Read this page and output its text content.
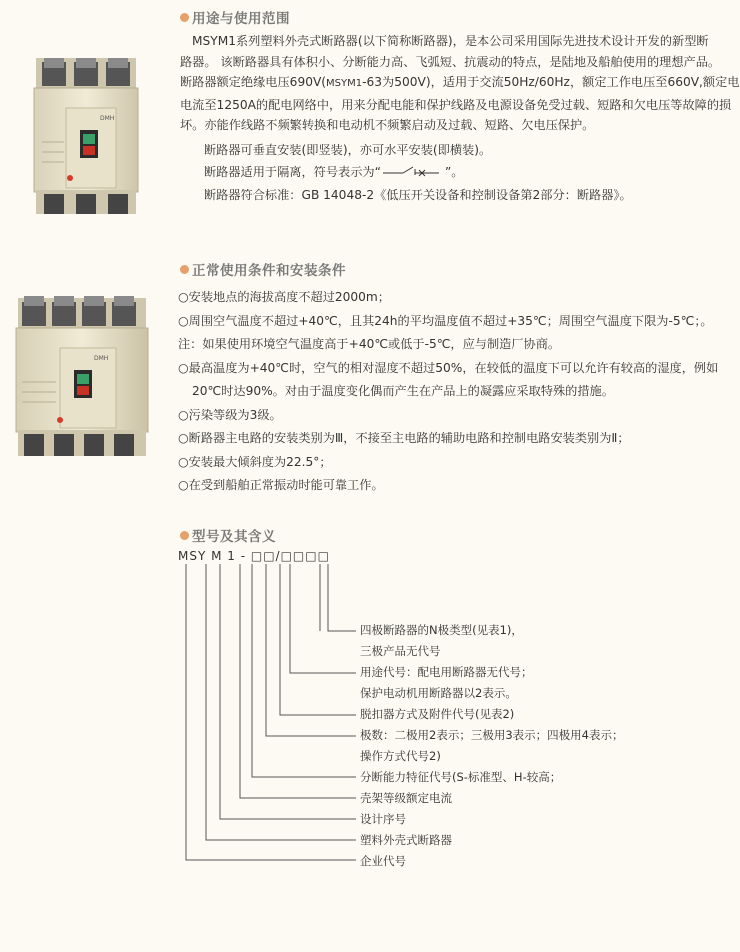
用途与使用范围
DMH

MSYM1系列塑料外壳式断路器(以下简称断路器)，是本公司采用国际先进技术设计开发的新型断

路器。 该断路器具有体积小、分断能力高、飞弧短、抗震动的特点，是陆地及船舶使用的理想产品。

断路器额定绝缘电压690V(MSYM1-63为500V)，适用于交流50Hz/60Hz，额定工作电压至660V,额定电

电流至1250A的配电网络中，用来分配电能和保护线路及电源设备免受过载、短路和欠电压等故障的损

坏。亦能作线路不频繁转换和电动机不频繁启动及过载、短路、欠电压保护。

断路器可垂直安装(即竖装)，亦可水平安装(即横装)。

断路器适用于隔离，符号表示为“	”。

断路器符合标准：GB 14048-2《低压开关设备和控制设备第2部分：断路器》。

正常使用条件和安装条件
DMH
○安装地点的海拔高度不超过2000m；
○周围空气温度不超过+40℃，且其24h的平均温度值不超过+35℃；周围空气温度下限为-5℃；。
注：如果使用环境空气温度高于+40℃或低于-5℃，应与制造厂协商。
○最高温度为+40℃时，空气的相对湿度不超过50%，在较低的温度下可以允许有较高的湿度，例如
20℃时达90%。对由于温度变化偶而产生在产品上的凝露应采取特殊的措施。
○污染等级为3级。
○断路器主电路的安装类别为Ⅲ，不接至主电路的辅助电路和控制电路安装类别为Ⅱ；
○安装最大倾斜度为22.5°；
○在受到船舶正常振动时能可靠工作。
型号及其含义
MSY M 1 - □□/□□□□
四极断路器的N极类型(见表1)，
三极产品无代号
用途代号：配电用断路器无代号；
保护电动机用断路器以2表示。
脱扣器方式及附件代号(见表2)
极数：二极用2表示；三极用3表示；四极用4表示；
操作方式代号2)
分断能力特征代号(S-标准型、H-较高；
壳架等级额定电流
设计序号
塑料外壳式断路器
企业代号
